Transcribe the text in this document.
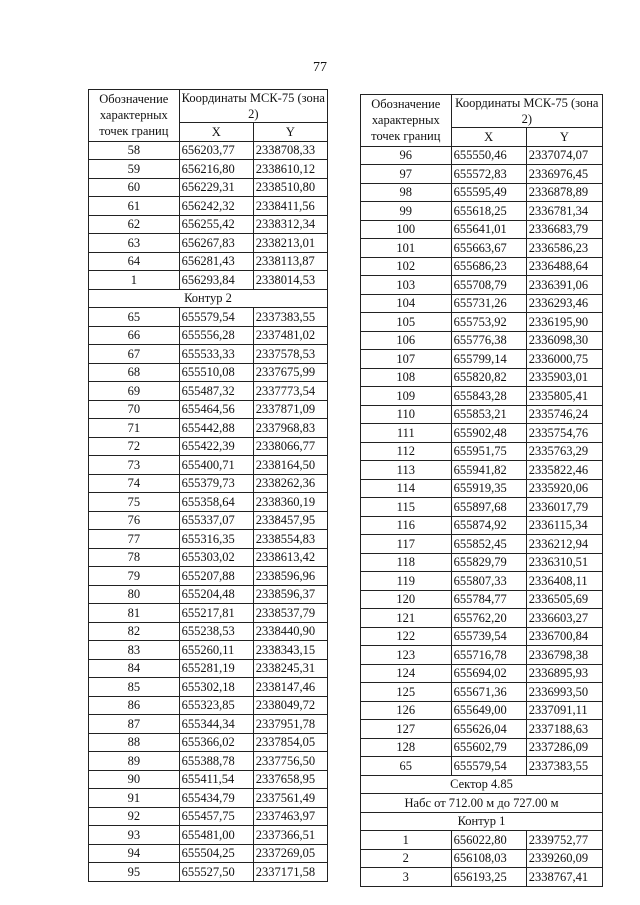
77
Обозначение характерных точек границ	Координаты МСК-75 (зона 2)	
	X	Y
58	656203,77	2338708,33
59	656216,80	2338610,12
60	656229,31	2338510,80
61	656242,32	2338411,56
62	656255,42	2338312,34
63	656267,83	2338213,01
64	656281,43	2338113,87
1	656293,84	2338014,53
Контур 2		
65	655579,54	2337383,55
66	655556,28	2337481,02
67	655533,33	2337578,53
68	655510,08	2337675,99
69	655487,32	2337773,54
70	655464,56	2337871,09
71	655442,88	2337968,83
72	655422,39	2338066,77
73	655400,71	2338164,50
74	655379,73	2338262,36
75	655358,64	2338360,19
76	655337,07	2338457,95
77	655316,35	2338554,83
78	655303,02	2338613,42
79	655207,88	2338596,96
80	655204,48	2338596,37
81	655217,81	2338537,79
82	655238,53	2338440,90
83	655260,11	2338343,15
84	655281,19	2338245,31
85	655302,18	2338147,46
86	655323,85	2338049,72
87	655344,34	2337951,78
88	655366,02	2337854,05
89	655388,78	2337756,50
90	655411,54	2337658,95
91	655434,79	2337561,49
92	655457,75	2337463,97
93	655481,00	2337366,51
94	655504,25	2337269,05
95	655527,50	2337171,58
Обозначение характерных точек границ	Координаты МСК-75 (зона 2)	
	X	Y
96	655550,46	2337074,07
97	655572,83	2336976,45
98	655595,49	2336878,89
99	655618,25	2336781,34
100	655641,01	2336683,79
101	655663,67	2336586,23
102	655686,23	2336488,64
103	655708,79	2336391,06
104	655731,26	2336293,46
105	655753,92	2336195,90
106	655776,38	2336098,30
107	655799,14	2336000,75
108	655820,82	2335903,01
109	655843,28	2335805,41
110	655853,21	2335746,24
111	655902,48	2335754,76
112	655951,75	2335763,29
113	655941,82	2335822,46
114	655919,35	2335920,06
115	655897,68	2336017,79
116	655874,92	2336115,34
117	655852,45	2336212,94
118	655829,79	2336310,51
119	655807,33	2336408,11
120	655784,77	2336505,69
121	655762,20	2336603,27
122	655739,54	2336700,84
123	655716,78	2336798,38
124	655694,02	2336895,93
125	655671,36	2336993,50
126	655649,00	2337091,11
127	655626,04	2337188,63
128	655602,79	2337286,09
65	655579,54	2337383,55
Сектор 4.85		
Набс от 712.00 м до 727.00 м		
Контур 1		
1	656022,80	2339752,77
2	656108,03	2339260,09
3	656193,25	2338767,41
